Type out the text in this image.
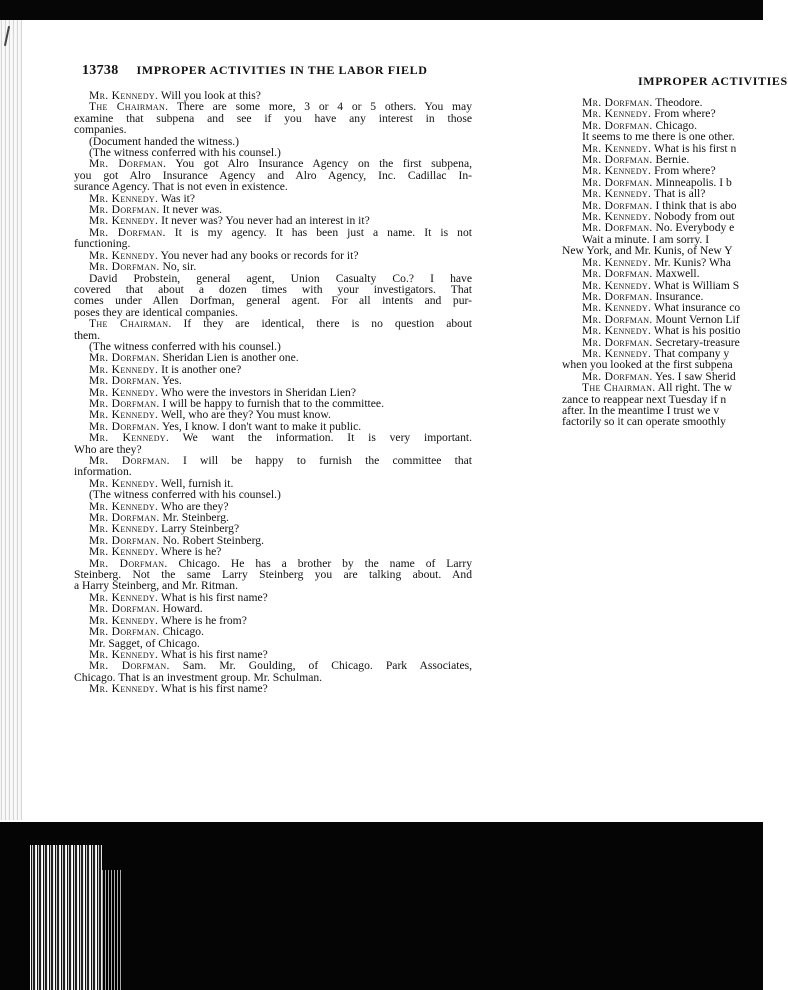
13738 IMPROPER ACTIVITIES IN THE LABOR FIELD
IMPROPER ACTIVITIES
Mr. Kennedy. Will you look at this?
The Chairman. There are some more, 3 or 4 or 5 others. You may
examine that subpena and see if you have any interest in those
companies.
(Document handed the witness.)
(The witness conferred with his counsel.)
Mr. Dorfman. You got Alro Insurance Agency on the first subpena,
you got Alro Insurance Agency and Alro Agency, Inc. Cadillac In-
surance Agency. That is not even in existence.
Mr. Kennedy. Was it?
Mr. Dorfman. It never was.
Mr. Kennedy. It never was? You never had an interest in it?
Mr. Dorfman. It is my agency. It has been just a name. It is not
functioning.
Mr. Kennedy. You never had any books or records for it?
Mr. Dorfman. No, sir.
David Probstein, general agent, Union Casualty Co.? I have
covered that about a dozen times with your investigators. That
comes under Allen Dorfman, general agent. For all intents and pur-
poses they are identical companies.
The Chairman. If they are identical, there is no question about
them.
(The witness conferred with his counsel.)
Mr. Dorfman. Sheridan Lien is another one.
Mr. Kennedy. It is another one?
Mr. Dorfman. Yes.
Mr. Kennedy. Who were the investors in Sheridan Lien?
Mr. Dorfman. I will be happy to furnish that to the committee.
Mr. Kennedy. Well, who are they? You must know.
Mr. Dorfman. Yes, I know. I don't want to make it public.
Mr. Kennedy. We want the information. It is very important.
Who are they?
Mr. Dorfman. I will be happy to furnish the committee that
information.
Mr. Kennedy. Well, furnish it.
(The witness conferred with his counsel.)
Mr. Kennedy. Who are they?
Mr. Dorfman. Mr. Steinberg.
Mr. Kennedy. Larry Steinberg?
Mr. Dorfman. No. Robert Steinberg.
Mr. Kennedy. Where is he?
Mr. Dorfman. Chicago. He has a brother by the name of Larry
Steinberg. Not the same Larry Steinberg you are talking about. And
a Harry Steinberg, and Mr. Ritman.
Mr. Kennedy. What is his first name?
Mr. Dorfman. Howard.
Mr. Kennedy. Where is he from?
Mr. Dorfman. Chicago.
Mr. Sagget, of Chicago.
Mr. Kennedy. What is his first name?
Mr. Dorfman. Sam. Mr. Goulding, of Chicago. Park Associates,
Chicago. That is an investment group. Mr. Schulman.
Mr. Kennedy. What is his first name?
Mr. Dorfman. Theodore.
Mr. Kennedy. From where?
Mr. Dorfman. Chicago.
It seems to me there is one other.
Mr. Kennedy. What is his first n
Mr. Dorfman. Bernie.
Mr. Kennedy. From where?
Mr. Dorfman. Minneapolis. I b
Mr. Kennedy. That is all?
Mr. Dorfman. I think that is abo
Mr. Kennedy. Nobody from out
Mr. Dorfman. No. Everybody e
Wait a minute. I am sorry. I
New York, and Mr. Kunis, of New Y
Mr. Kennedy. Mr. Kunis? Wha
Mr. Dorfman. Maxwell.
Mr. Kennedy. What is William S
Mr. Dorfman. Insurance.
Mr. Kennedy. What insurance co
Mr. Dorfman. Mount Vernon Lif
Mr. Kennedy. What is his positio
Mr. Dorfman. Secretary-treasure
Mr. Kennedy. That company y
when you looked at the first subpena
Mr. Dorfman. Yes. I saw Sherid
The Chairman. All right. The w
zance to reappear next Tuesday if n
after. In the meantime I trust we v
factorily so it can operate smoothly
